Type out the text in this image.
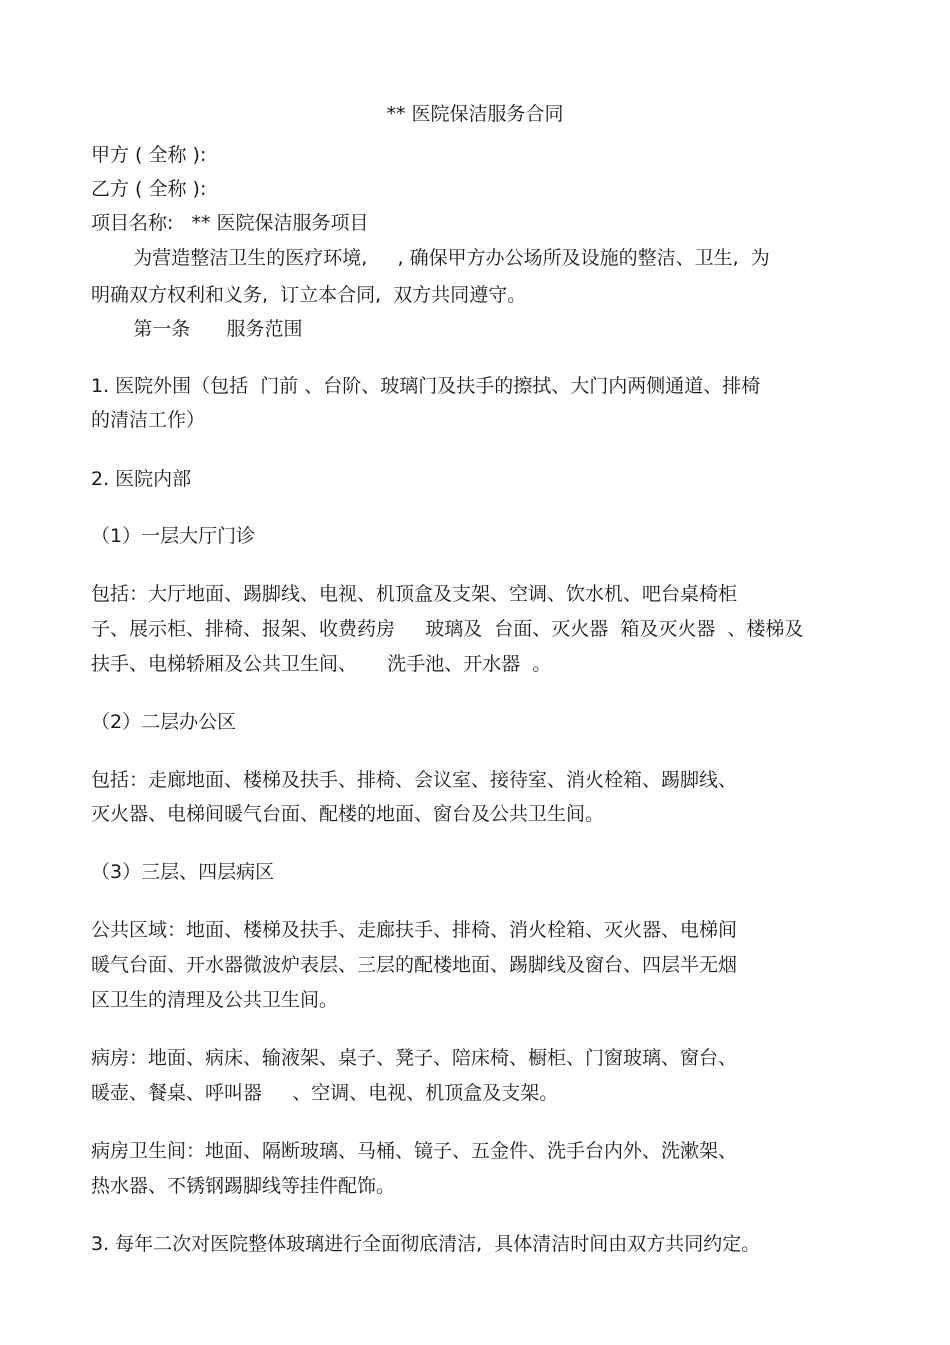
** 医院保洁服务合同
甲方 ( 全称 ):
乙方 ( 全称 ):
项目名称:   ** 医院保洁服务项目
为营造整洁卫生的医疗环境,     , 确保甲方办公场所及设施的整洁、卫生,  为
明确双方权利和义务,  订立本合同,  双方共同遵守。
第一条      服务范围
1. 医院外围（包括  门前 、台阶、玻璃门及扶手的擦拭、大门内两侧通道、排椅
的清洁工作）
2. 医院内部
（1）一层大厅门诊
包括：大厅地面、踢脚线、电视、机顶盒及支架、空调、饮水机、吧台桌椅柜
子、展示柜、排椅、报架、收费药房     玻璃及  台面、灭火器  箱及灭火器  、楼梯及
扶手、电梯轿厢及公共卫生间、     洗手池、开水器  。
（2）二层办公区
包括：走廊地面、楼梯及扶手、排椅、会议室、接待室、消火栓箱、踢脚线、
灭火器、电梯间暖气台面、配楼的地面、窗台及公共卫生间。
（3）三层、四层病区
公共区域：地面、楼梯及扶手、走廊扶手、排椅、消火栓箱、灭火器、电梯间
暖气台面、开水器微波炉表层、三层的配楼地面、踢脚线及窗台、四层半无烟
区卫生的清理及公共卫生间。
病房：地面、病床、输液架、桌子、凳子、陪床椅、橱柜、门窗玻璃、窗台、
暖壶、餐桌、呼叫器     、空调、电视、机顶盒及支架。
病房卫生间：地面、隔断玻璃、马桶、镜子、五金件、洗手台内外、洗漱架、
热水器、不锈钢踢脚线等挂件配饰。
3. 每年二次对医院整体玻璃进行全面彻底清洁,  具体清洁时间由双方共同约定。
